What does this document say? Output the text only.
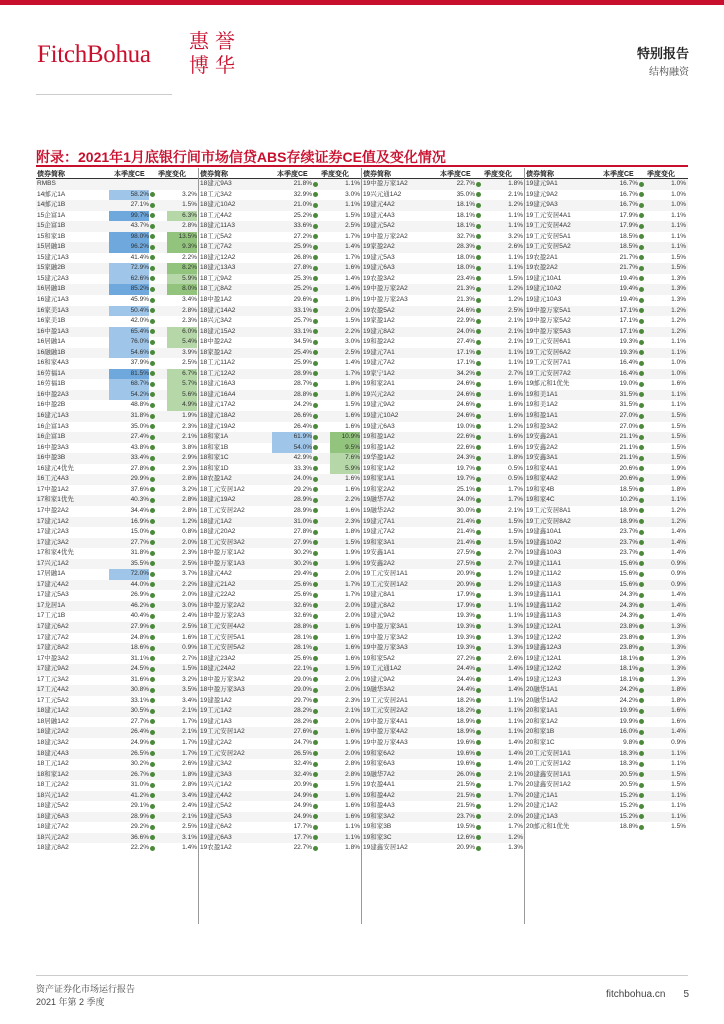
FitchBohua 惠 誉
博 华	特别报告
结构融资
附录：2021年1月底银行间市场信贷ABS存续证券CE值及变化情况
债券简称	本季度CE 季度变化
RMBS
14邮元1A	58.2%	3.2%
14邮元1B	27.1%	1.5%
15企富1A	99.7%	6.3%
15企富1B	43.7%	2.8%
15和家1B	98.0%	13.5%
15居融1B	96.2%	9.3%
15建元1A3	41.4%	2.2%
15家融2B	72.9%	8.2%
15建元2A3	62.6%	5.9%
16居融1B	85.2%	8.0%
16建元1A3	45.9%	3.4%
16家美1A3	50.4%	2.8%
16家美1B	42.0%	2.3%
16中盈1A3	65.4%	6.0%
16居融1A	76.0%	5.4%
16融融1B	54.6%	3.9%
16和家4A3	37.9%	2.5%
16劳福1A	81.5%	6.7%
16劳福1B	68.7%	5.7%
16中盈2A3	54.2%	5.6%
16中盈2B	48.8%	4.9%
16建元1A3	31.8%	1.9%
16企富1A3	35.0%	2.3%
16企富1B	27.4%	2.1%
16中盈3A3	43.8%	3.8%
16中盈3B	33.4%	2.9%
16建元4优先	27.8%	2.3%
16工元4A3	29.9%	2.8%
17中盈1A2	37.6%	3.2%
17和家1优先	40.3%	2.8%
17中盈2A2	34.4%	2.8%
17建元1A2	16.9%	1.2%
17建元2A3	15.0%	0.8%
17建元3A2	27.7%	2.0%
17和家4优先	31.8%	2.3%
17兴元1A2	35.5%	2.5%
17居融1A	72.0%	3.7%
17建元4A2	44.0%	2.2%
17建元5A3	26.9%	2.0%
17龙居1A	46.2%	3.0%
17工元1B	40.4%	2.4%
17建元6A2	27.9%	2.5%
17建元7A2	24.8%	1.6%
17建元8A2	18.6%	0.9%
17中盈3A2	31.1%	2.7%
17建元9A2	24.5%	1.5%
17工元3A2	31.6%	3.2%
17工元4A2	30.8%	3.5%
17工元5A2	33.1%	3.4%
18建元1A2	30.5%	2.1%
18居融1A2	27.7%	1.7%
18建元2A2	26.4%	2.1%
18建元3A2	24.9%	1.7%
18建元4A3	26.5%	1.7%
18工元1A2	30.2%	2.6%
18和家1A2	26.7%	1.8%
18工元2A2	31.0%	2.8%
18兴元1A2	41.2%	3.4%
18建元5A2	29.1%	2.4%
18建元6A3	28.9%	2.1%
18建元7A2	29.2%	2.5%
18兴元2A2	36.6%	3.1%
18建元8A2	22.2%	1.4%
债券简称	本季度CE 季度变化
18建元9A3	21.8%	1.1%
18工元3A2	32.9%	3.0%
18建元10A2	21.0%	1.1%
18工元4A2	25.2%	1.5%
18建元11A3	33.6%	2.5%
18工元5A2	27.2%	1.7%
18工元7A2	25.9%	1.4%
18建元12A2	26.8%	1.7%
18建元13A3	27.8%	1.6%
18工元9A2	25.3%	1.4%
18工元8A2	25.2%	1.4%
18中盈1A2	29.6%	1.8%
18建元14A2	33.1%	2.0%
18兴元3A2	25.7%	1.5%
18建元15A2	33.1%	2.2%
18中盈2A2	34.5%	3.0%
18家盈1A2	25.4%	2.5%
18工元11A2	25.9%	1.4%
18工元12A2	28.9%	1.7%
18建元16A3	28.7%	1.8%
18建元16A4	28.8%	1.8%
18建元17A2	24.2%	1.5%
18建元18A2	26.6%	1.6%
18建元19A2	26.4%	1.6%
18和家1A	61.9%	10.9%
18和家1B	54.0%	9.5%
18和家1C	42.9%	7.6%
18和家1D	33.3%	5.9%
18农盈1A2	24.0%	1.6%
18工元安居1A2	29.2%	1.6%
18建元19A2	28.9%	2.2%
18工元安居2A2	28.9%	1.6%
18建元1A2	31.0%	2.3%
18建元20A2	27.8%	1.8%
18工元安居3A2	27.9%	1.5%
18中盈万家1A2	30.2%	1.9%
18中盈万家1A3	30.2%	1.9%
18建元4A2	29.4%	2.0%
18建元21A2	25.6%	1.7%
18建元22A2	25.6%	1.7%
18中盈万家2A2	32.6%	2.0%
18中盈万家2A3	32.6%	2.0%
18工元安居4A2	28.8%	1.6%
18工元安居5A1	28.1%	1.6%
18工元安居5A2	28.1%	1.6%
18建元23A2	25.6%	1.6%
18建元24A2	22.1%	1.5%
18中盈万家3A2	29.0%	2.0%
18中盈万家3A3	29.0%	2.0%
19建盈1A2	29.7%	2.3%
19工元1A2	28.2%	2.1%
19建元1A3	28.2%	2.0%
19工元安居1A2	27.6%	1.6%
19建元2A2	24.7%	1.9%
19工元安居2A2	26.5%	2.0%
19建元3A2	32.4%	2.8%
19建元3A3	32.4%	2.8%
19兴元1A2	20.9%	1.5%
19建元4A2	24.9%	1.6%
19建元5A2	24.9%	1.6%
19建元5A3	24.9%	1.6%
19建元6A2	17.7%	1.1%
19建元6A3	17.7%	1.1%
19农盈1A2	22.7%	1.8%
债券简称	本季度CE 季度变化
19中盈万家1A2	22.7%	1.8%
19兴元通1A2	35.0%	2.1%
19建元4A2	18.1%	1.2%
19建元4A3	18.1%	1.1%
19建元5A2	18.1%	1.1%
19中盈万家2A2	32.7%	3.2%
19家盈2A2	28.3%	2.6%
19建元5A3	18.0%	1.1%
19建元6A3	18.0%	1.1%
19农盈3A2	23.4%	1.5%
19中盈万家2A2	21.3%	1.2%
19中盈万家2A3	21.3%	1.2%
19农盈5A2	24.6%	2.5%
19家盈1A2	22.9%	2.1%
19建元8A2	24.0%	2.1%
19和盈2A2	27.4%	2.1%
19建元7A1	17.1%	1.1%
19建元7A2	17.1%	1.1%
19家宁1A2	34.2%	2.7%
19和家2A1	24.6%	1.6%
19兴元2A2	24.6%	1.6%
19建元9A2	24.6%	1.6%
19建元10A2	24.6%	1.6%
19建元6A3	19.0%	1.2%
19和盈1A2	22.6%	1.6%
19和盈1A2	22.6%	1.6%
19华盈1A2	24.3%	1.8%
19和家1A2	19.7%	0.5%
19和家1A1	19.7%	0.5%
19和家2A2	25.1%	1.7%
19融华7A2	24.0%	1.7%
19融华2A2	30.0%	2.1%
19建元7A1	21.4%	1.5%
19建元7A2	21.4%	1.5%
19和家3A1	21.4%	1.5%
19安鑫1A1	27.5%	2.7%
19安鑫2A2	27.5%	2.7%
19工元安居1A1	20.9%	1.2%
19工元安居1A2	20.9%	1.2%
19建元8A1	17.9%	1.3%
19建元8A2	17.9%	1.1%
19建元9A2	19.3%	1.1%
19中盈万家3A1	19.3%	1.3%
19中盈万家3A2	19.3%	1.3%
19中盈万家3A3	19.3%	1.3%
19和家5A2	27.2%	2.6%
19工元通1A2	24.4%	1.4%
19建元9A2	24.4%	1.4%
19融华3A2	24.4%	1.4%
19工元安居2A1	18.2%	1.1%
19工元安居2A2	18.2%	1.1%
19中盈万家4A1	18.9%	1.1%
19中盈万家4A2	18.9%	1.1%
19中盈万家4A3	19.6%	1.4%
19和家6A2	19.6%	1.4%
19和家6A3	19.6%	1.4%
19融华7A2	26.0%	2.1%
19农盈4A1	21.5%	1.7%
19和盈4A2	21.5%	1.7%
19和盈4A3	21.5%	1.2%
19和家3A2	23.7%	2.0%
19和家3B	19.5%	1.7%
19和家3C	12.6%	1.2%
19建鑫安居1A2	20.9%	1.3%
债券简称	本季度CE 季度变化
19建元9A1	16.7%	1.0%
19建元9A2	16.7%	1.0%
19建元9A3	16.7%	1.0%
19工元安居4A1	17.9%	1.1%
19工元安居4A2	17.9%	1.1%
19工元安居5A1	18.5%	1.1%
19工元安居5A2	18.5%	1.1%
19农盈2A1	21.7%	1.5%
19农盈2A2	21.7%	1.5%
19建元10A1	19.4%	1.3%
19建元10A2	19.4%	1.3%
19建元10A3	19.4%	1.3%
19中盈万家5A1	17.1%	1.2%
19中盈万家5A2	17.1%	1.2%
19中盈万家5A3	17.1%	1.2%
19工元安居6A1	19.3%	1.1%
19工元安居6A2	19.3%	1.1%
19工元安居7A1	16.4%	1.0%
19工元安居7A2	16.4%	1.0%
19邮元和1优先	19.0%	1.6%
19和美1A1	31.5%	1.1%
19和美1A2	31.5%	1.1%
19和盈1A1	27.0%	1.5%
19和盈3A2	27.0%	1.5%
19安鑫2A1	21.1%	1.5%
19安鑫2A2	21.1%	1.5%
19安鑫3A1	21.1%	1.5%
19和家4A1	20.6%	1.9%
19和家4A2	20.6%	1.9%
19和家4B	18.5%	1.8%
19和家4C	10.2%	1.1%
19工元安居8A1	18.9%	1.2%
19工元安居8A2	18.9%	1.2%
19建鑫10A1	23.7%	1.4%
19建鑫10A2	23.7%	1.4%
19建鑫10A3	23.7%	1.4%
19建元11A1	15.6%	0.9%
19建元11A2	15.6%	0.9%
19建元11A3	15.6%	0.9%
19建鑫11A1	24.3%	1.4%
19建鑫11A2	24.3%	1.4%
19建鑫11A3	24.3%	1.4%
19建元12A1	23.8%	1.3%
19建元12A2	23.8%	1.3%
19建鑫12A3	23.8%	1.3%
19建元12A1	18.1%	1.3%
19建元12A2	18.1%	1.3%
19建元12A3	18.1%	1.3%
20融华1A1	24.2%	1.8%
20融华1A2	24.2%	1.8%
20和家1A1	19.9%	1.6%
20和家1A2	19.9%	1.6%
20和家1B	16.0%	1.4%
20和家1C	9.8%	0.9%
20工元安居1A1	18.3%	1.1%
20工元安居1A2	18.3%	1.1%
20建鑫安居1A1	20.5%	1.5%
20建鑫安居1A2	20.5%	1.5%
20建元1A1	15.2%	1.1%
20建元1A2	15.2%	1.1%
20建元1A3	15.2%	1.1%
20邮元和1优先	18.8%	1.5%
资产证券化市场运行报告
2021 年第 2 季度
fitchbohua.cn 5
